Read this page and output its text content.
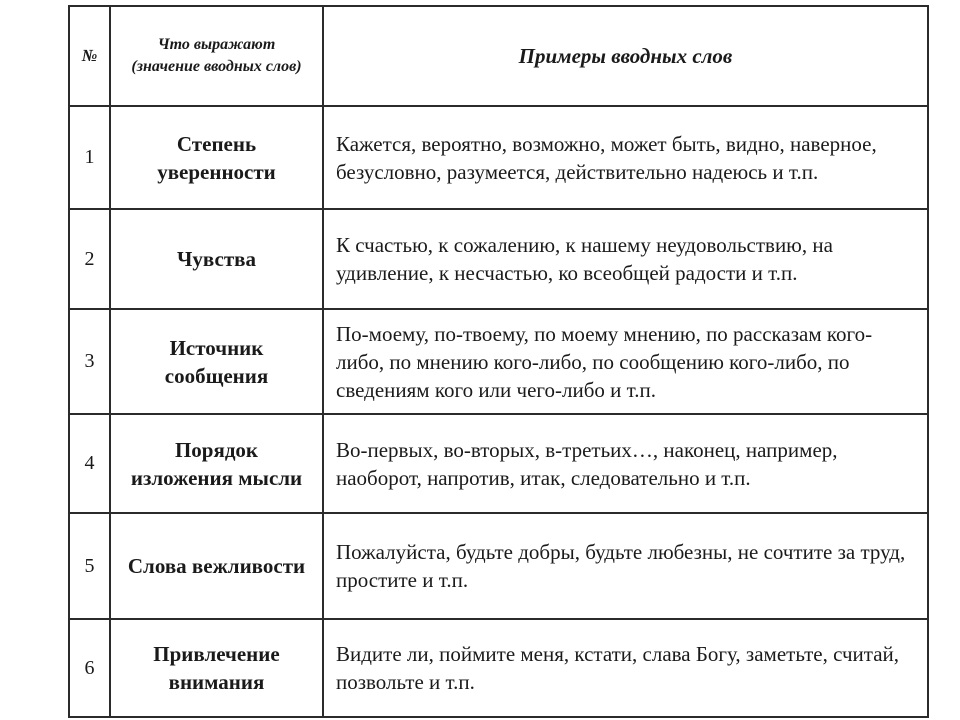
№	Что выражают (значение вводных слов)	Примеры вводных слов
1	Степень уверенности	Кажется, вероятно, возможно, может быть, видно, наверное, безусловно, разумеется, действительно надеюсь и т.п.
2	Чувства	К счастью, к сожалению, к нашему неудовольствию, на удивление, к несчастью, ко всеобщей радости и т.п.
3	Источник сообщения	По-моему, по-твоему, по моему мнению, по рассказам кого- либо, по мнению кого-либо, по сообщению кого-либо, по сведениям кого или чего-либо и т.п.
4	Порядок изложения мысли	Во-первых, во-вторых, в-третьих…, наконец, например, наоборот, напротив, итак, следовательно и т.п.
5	Слова вежливости	Пожалуйста, будьте добры, будьте любезны, не сочтите за труд, простите и т.п.
6	Привлечение внимания	Видите ли, поймите меня, кстати, слава Богу, заметьте, считай, позвольте и т.п.
